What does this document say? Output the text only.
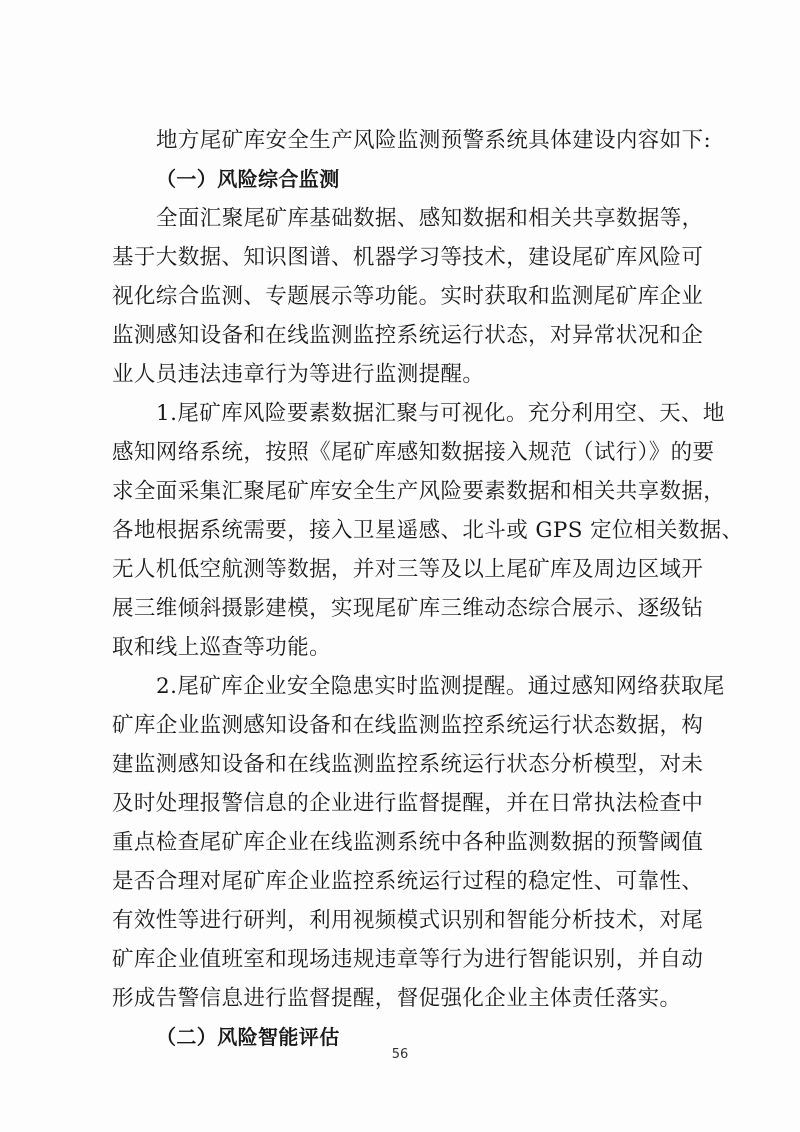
地方尾矿库安全生产风险监测预警系统具体建设内容如下:
（一）风险综合监测
全面汇聚尾矿库基础数据、感知数据和相关共享数据等，
基于大数据、知识图谱、机器学习等技术，建设尾矿库风险可
视化综合监测、专题展示等功能。实时获取和监测尾矿库企业
监测感知设备和在线监测监控系统运行状态，对异常状况和企
业人员违法违章行为等进行监测提醒。
1.尾矿库风险要素数据汇聚与可视化。充分利用空、天、地
感知网络系统，按照《尾矿库感知数据接入规范（试行）》的要
求全面采集汇聚尾矿库安全生产风险要素数据和相关共享数据，
各地根据系统需要，接入卫星遥感、北斗或 GPS 定位相关数据、
无人机低空航测等数据，并对三等及以上尾矿库及周边区域开
展三维倾斜摄影建模，实现尾矿库三维动态综合展示、逐级钻
取和线上巡查等功能。
2.尾矿库企业安全隐患实时监测提醒。通过感知网络获取尾
矿库企业监测感知设备和在线监测监控系统运行状态数据，构
建监测感知设备和在线监测监控系统运行状态分析模型，对未
及时处理报警信息的企业进行监督提醒，并在日常执法检查中
重点检查尾矿库企业在线监测系统中各种监测数据的预警阈值
是否合理对尾矿库企业监控系统运行过程的稳定性、可靠性、
有效性等进行研判，利用视频模式识别和智能分析技术，对尾
矿库企业值班室和现场违规违章等行为进行智能识别，并自动
形成告警信息进行监督提醒，督促强化企业主体责任落实。
（二）风险智能评估
56
